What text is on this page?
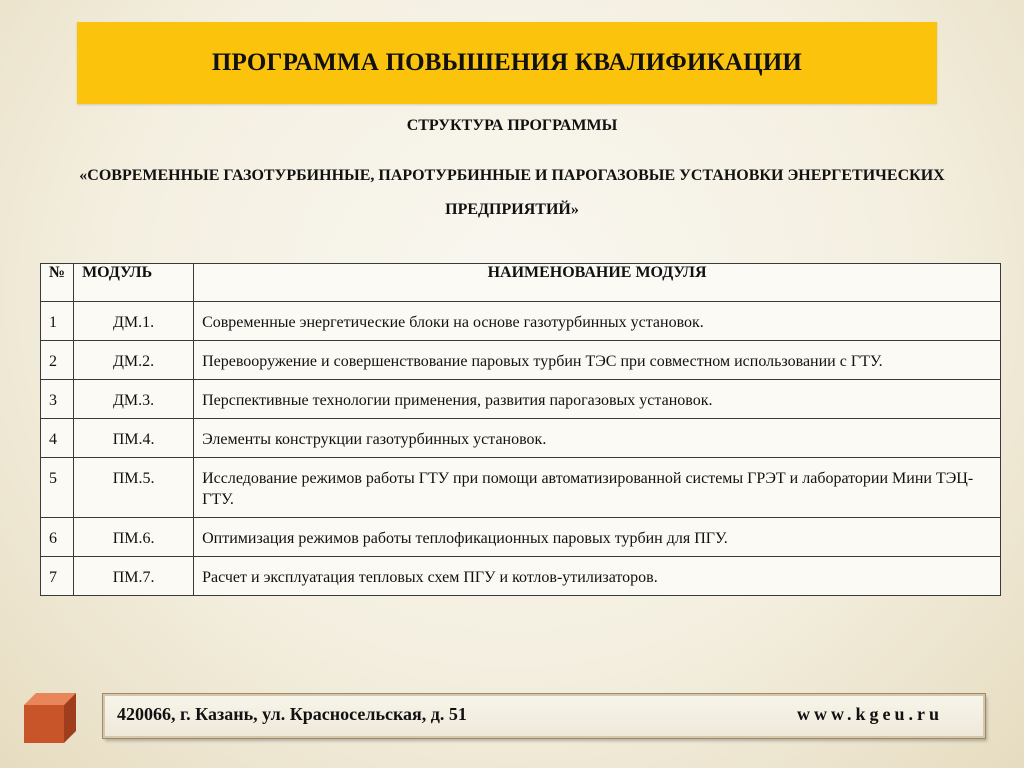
ПРОГРАММА ПОВЫШЕНИЯ КВАЛИФИКАЦИИ
СТРУКТУРА ПРОГРАММЫ
«СОВРЕМЕННЫЕ ГАЗОТУРБИННЫЕ, ПАРОТУРБИННЫЕ И ПАРОГАЗОВЫЕ УСТАНОВКИ ЭНЕРГЕТИЧЕСКИХ
ПРЕДПРИЯТИЙ»
№	МОДУЛЬ	НАИМЕНОВАНИЕ МОДУЛЯ
1	ДМ.1.	Современные энергетические блоки на основе газотурбинных установок.
2	ДМ.2.	Перевооружение и совершенствование паровых турбин ТЭС при совместном использовании с ГТУ.
3	ДМ.3.	Перспективные технологии применения, развития парогазовых установок.
4	ПМ.4.	Элементы конструкции газотурбинных установок.
5	ПМ.5.	Исследование режимов работы ГТУ при помощи автоматизированной системы ГРЭТ и лаборатории Мини ТЭЦ-ГТУ.
6	ПМ.6.	Оптимизация режимов работы теплофикационных паровых турбин для ПГУ.
7	ПМ.7.	Расчет и эксплуатация тепловых схем ПГУ и котлов-утилизаторов.
420066, г. Казань, ул. Красносельская, д. 51	www.kgeu.ru
